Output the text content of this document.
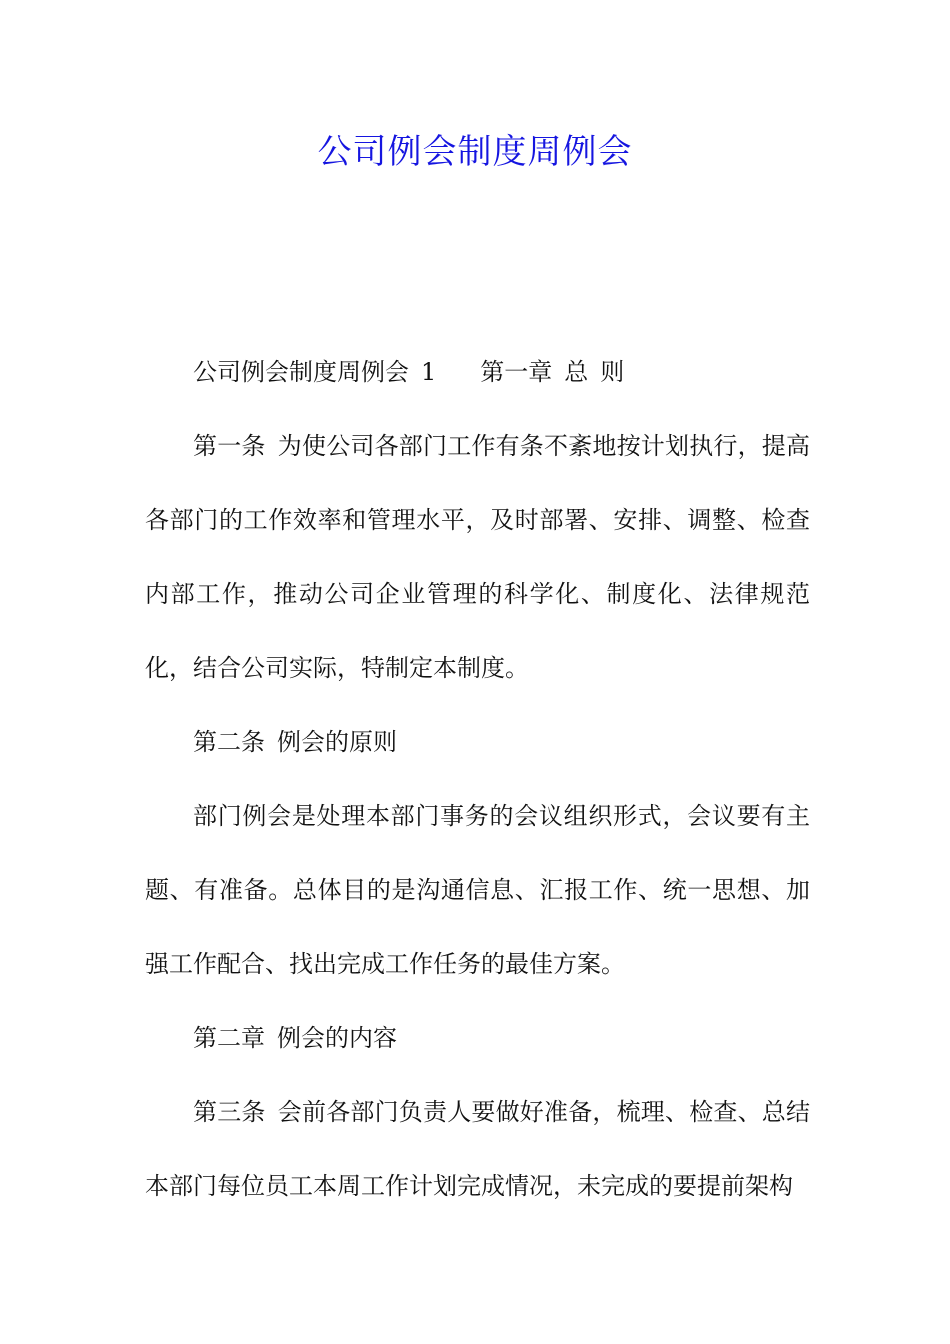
公司例会制度周例会

公司例会制度周例会 1 第一章 总 则

第一条 为使公司各部门工作有条不紊地按计划执行，提高各部门的工作效率和管理水平，及时部署、安排、调整、检查内部工作，推动公司企业管理的科学化、制度化、法律规范化，结合公司实际，特制定本制度。

第二条 例会的原则

部门例会是处理本部门事务的会议组织形式，会议要有主题、有准备。总体目的是沟通信息、汇报工作、统一思想、加强工作配合、找出完成工作任务的最佳方案。

第二章 例会的内容

第三条 会前各部门负责人要做好准备，梳理、检查、总结本部门每位员工本周工作计划完成情况，未完成的要提前架构
